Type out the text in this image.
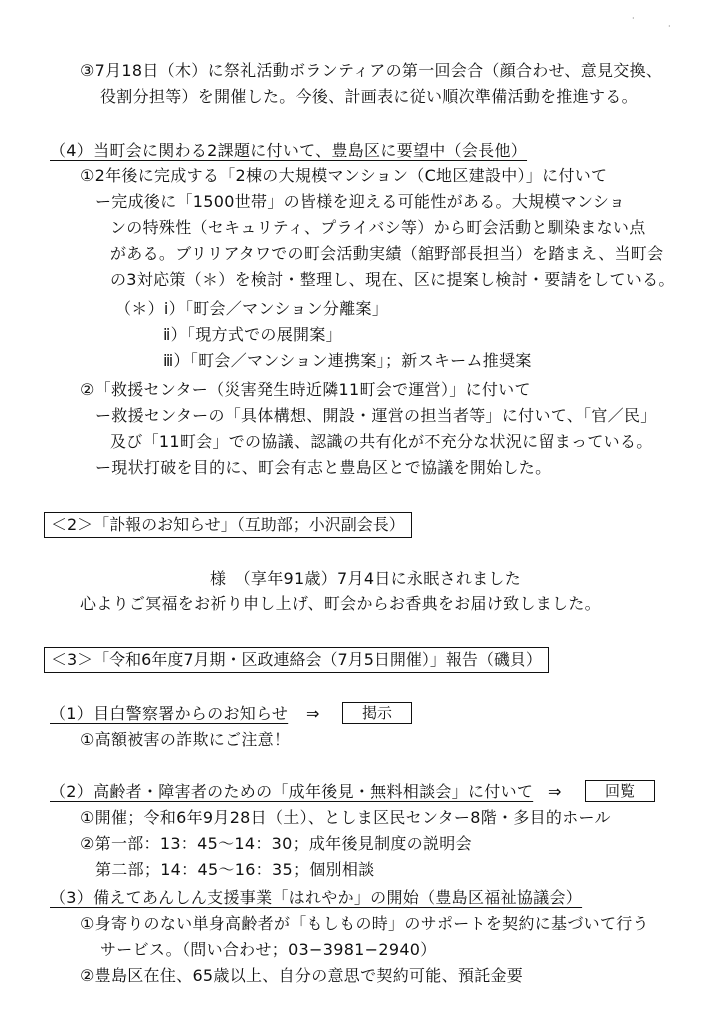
·
·
③7月18日（木）に祭礼活動ボランティアの第一回会合（顔合わせ、意見交換、
役割分担等）を開催した。今後、計画表に従い順次準備活動を推進する。
（4）当町会に関わる2課題に付いて、豊島区に要望中（会長他）
①2年後に完成する「2棟の大規模マンション（C地区建設中）」に付いて
ー完成後に「1500世帯」の皆様を迎える可能性がある。大規模マンショ
ンの特殊性（セキュリティ、プライバシ等）から町会活動と馴染まない点
がある。ブリリアタワでの町会活動実績（舘野部長担当）を踏まえ、当町会
の3対応策（＊）を検討・整理し、現在、区に提案し検討・要請をしている。
（＊）ⅰ）「町会／マンション分離案」
ⅱ）「現方式での展開案」
ⅲ）「町会／マンション連携案」；新スキーム推奨案
②「救援センター（災害発生時近隣11町会で運営）」に付いて
ー救援センターの「具体構想、開設・運営の担当者等」に付いて、「官／民」
及び「11町会」での協議、認識の共有化が不充分な状況に留まっている。
ー現状打破を目的に、町会有志と豊島区とで協議を開始した。
＜2＞「訃報のお知らせ」（互助部；小沢副会長）
様　（享年91歳）7月4日に永眠されました
心よりご冥福をお祈り申し上げ、町会からお香典をお届け致しました。
＜3＞「令和6年度7月期・区政連絡会（7月5日開催）」報告（磯貝）
（1）目白警察署からのお知らせ ⇒	掲示
①高額被害の詐欺にご注意！
（2）高齢者・障害者のための「成年後見・無料相談会」に付いて ⇒	回覧
①開催；令和6年9月28日（土）、としま区民センター8階・多目的ホール
②第一部：13：45〜14：30；成年後見制度の説明会
第二部；14：45〜16：35；個別相談
（3）備えてあんしん支援事業「はれやか」の開始（豊島区福祉協議会）
①身寄りのない単身高齢者が「もしもの時」のサポートを契約に基づいて行う
サービス。（問い合わせ；03−3981−2940）
②豊島区在住、65歳以上、自分の意思で契約可能、預託金要
